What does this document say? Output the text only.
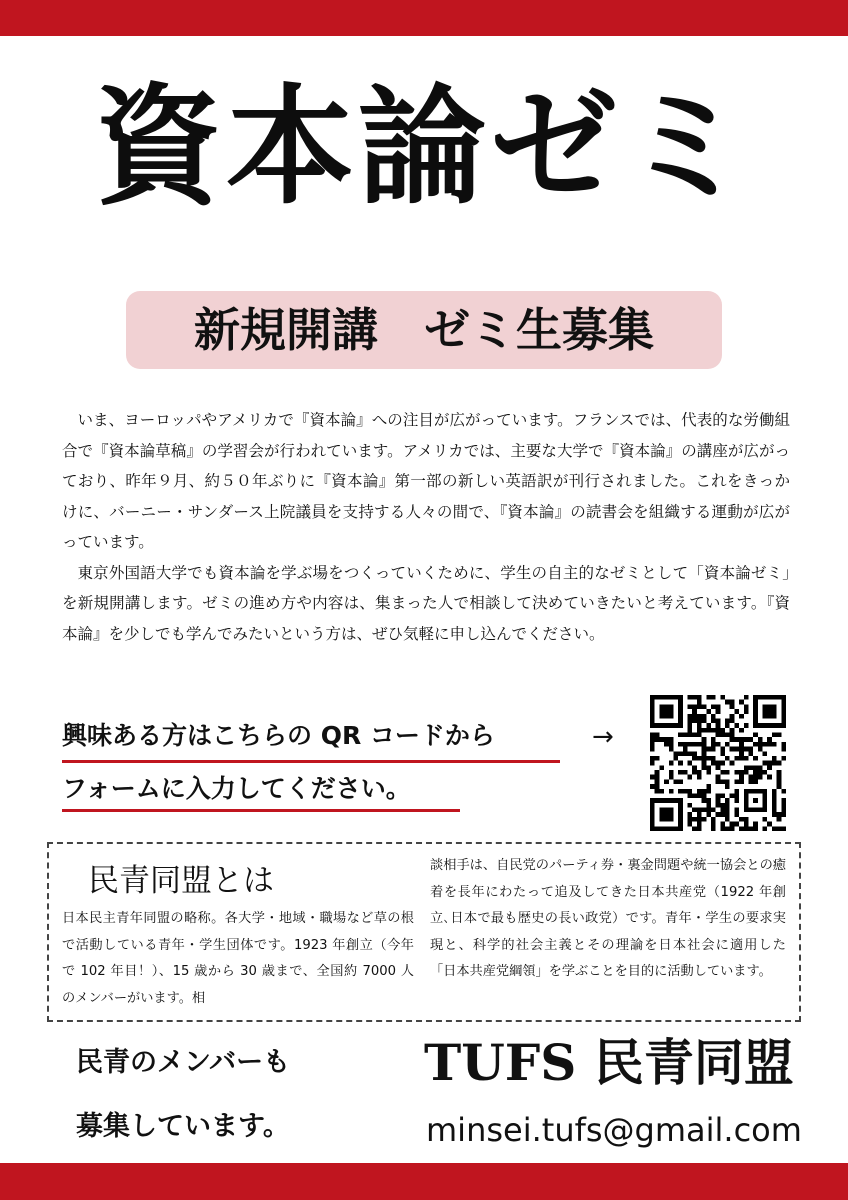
資本論ゼミ
新規開講　ゼミ生募集

いま、ヨーロッパやアメリカで『資本論』への注目が広がっています。フランスでは、代表的な労働組合で『資本論草稿』の学習会が行われています。アメリカでは、主要な大学で『資本論』の講座が広がっており、昨年９月、約５０年ぶりに『資本論』第一部の新しい英語訳が刊行されました。これをきっかけに、バーニー・サンダース上院議員を支持する人々の間で、『資本論』の読書会を組織する運動が広がっています。

東京外国語大学でも資本論を学ぶ場をつくっていくために、学生の自主的なゼミとして「資本論ゼミ」を新規開講します。ゼミの進め方や内容は、集まった人で相談して決めていきたいと考えています。『資本論』を少しでも学んでみたいという方は、ぜひ気軽に申し込んでください。

興味ある方はこちらの QR コードから
フォームに入力してください。
→
民青同盟とは
日本民主青年同盟の略称。各大学・地域・職場など草の根で活動している青年・学生団体です。1923 年創立（今年で 102 年目！）、15 歳から 30 歳まで、全国約 7000 人のメンバーがいます。相
談相手は、自民党のパーティ券・裏金問題や統一協会との癒着を長年にわたって追及してきた日本共産党（1922 年創立､日本で最も歴史の長い政党）です。青年・学生の要求実現と、科学的社会主義とその理論を日本社会に適用した「日本共産党綱領」を学ぶことを目的に活動しています。
民青のメンバーも
募集しています。
TUFS 民青同盟
minsei.tufs@gmail.com
